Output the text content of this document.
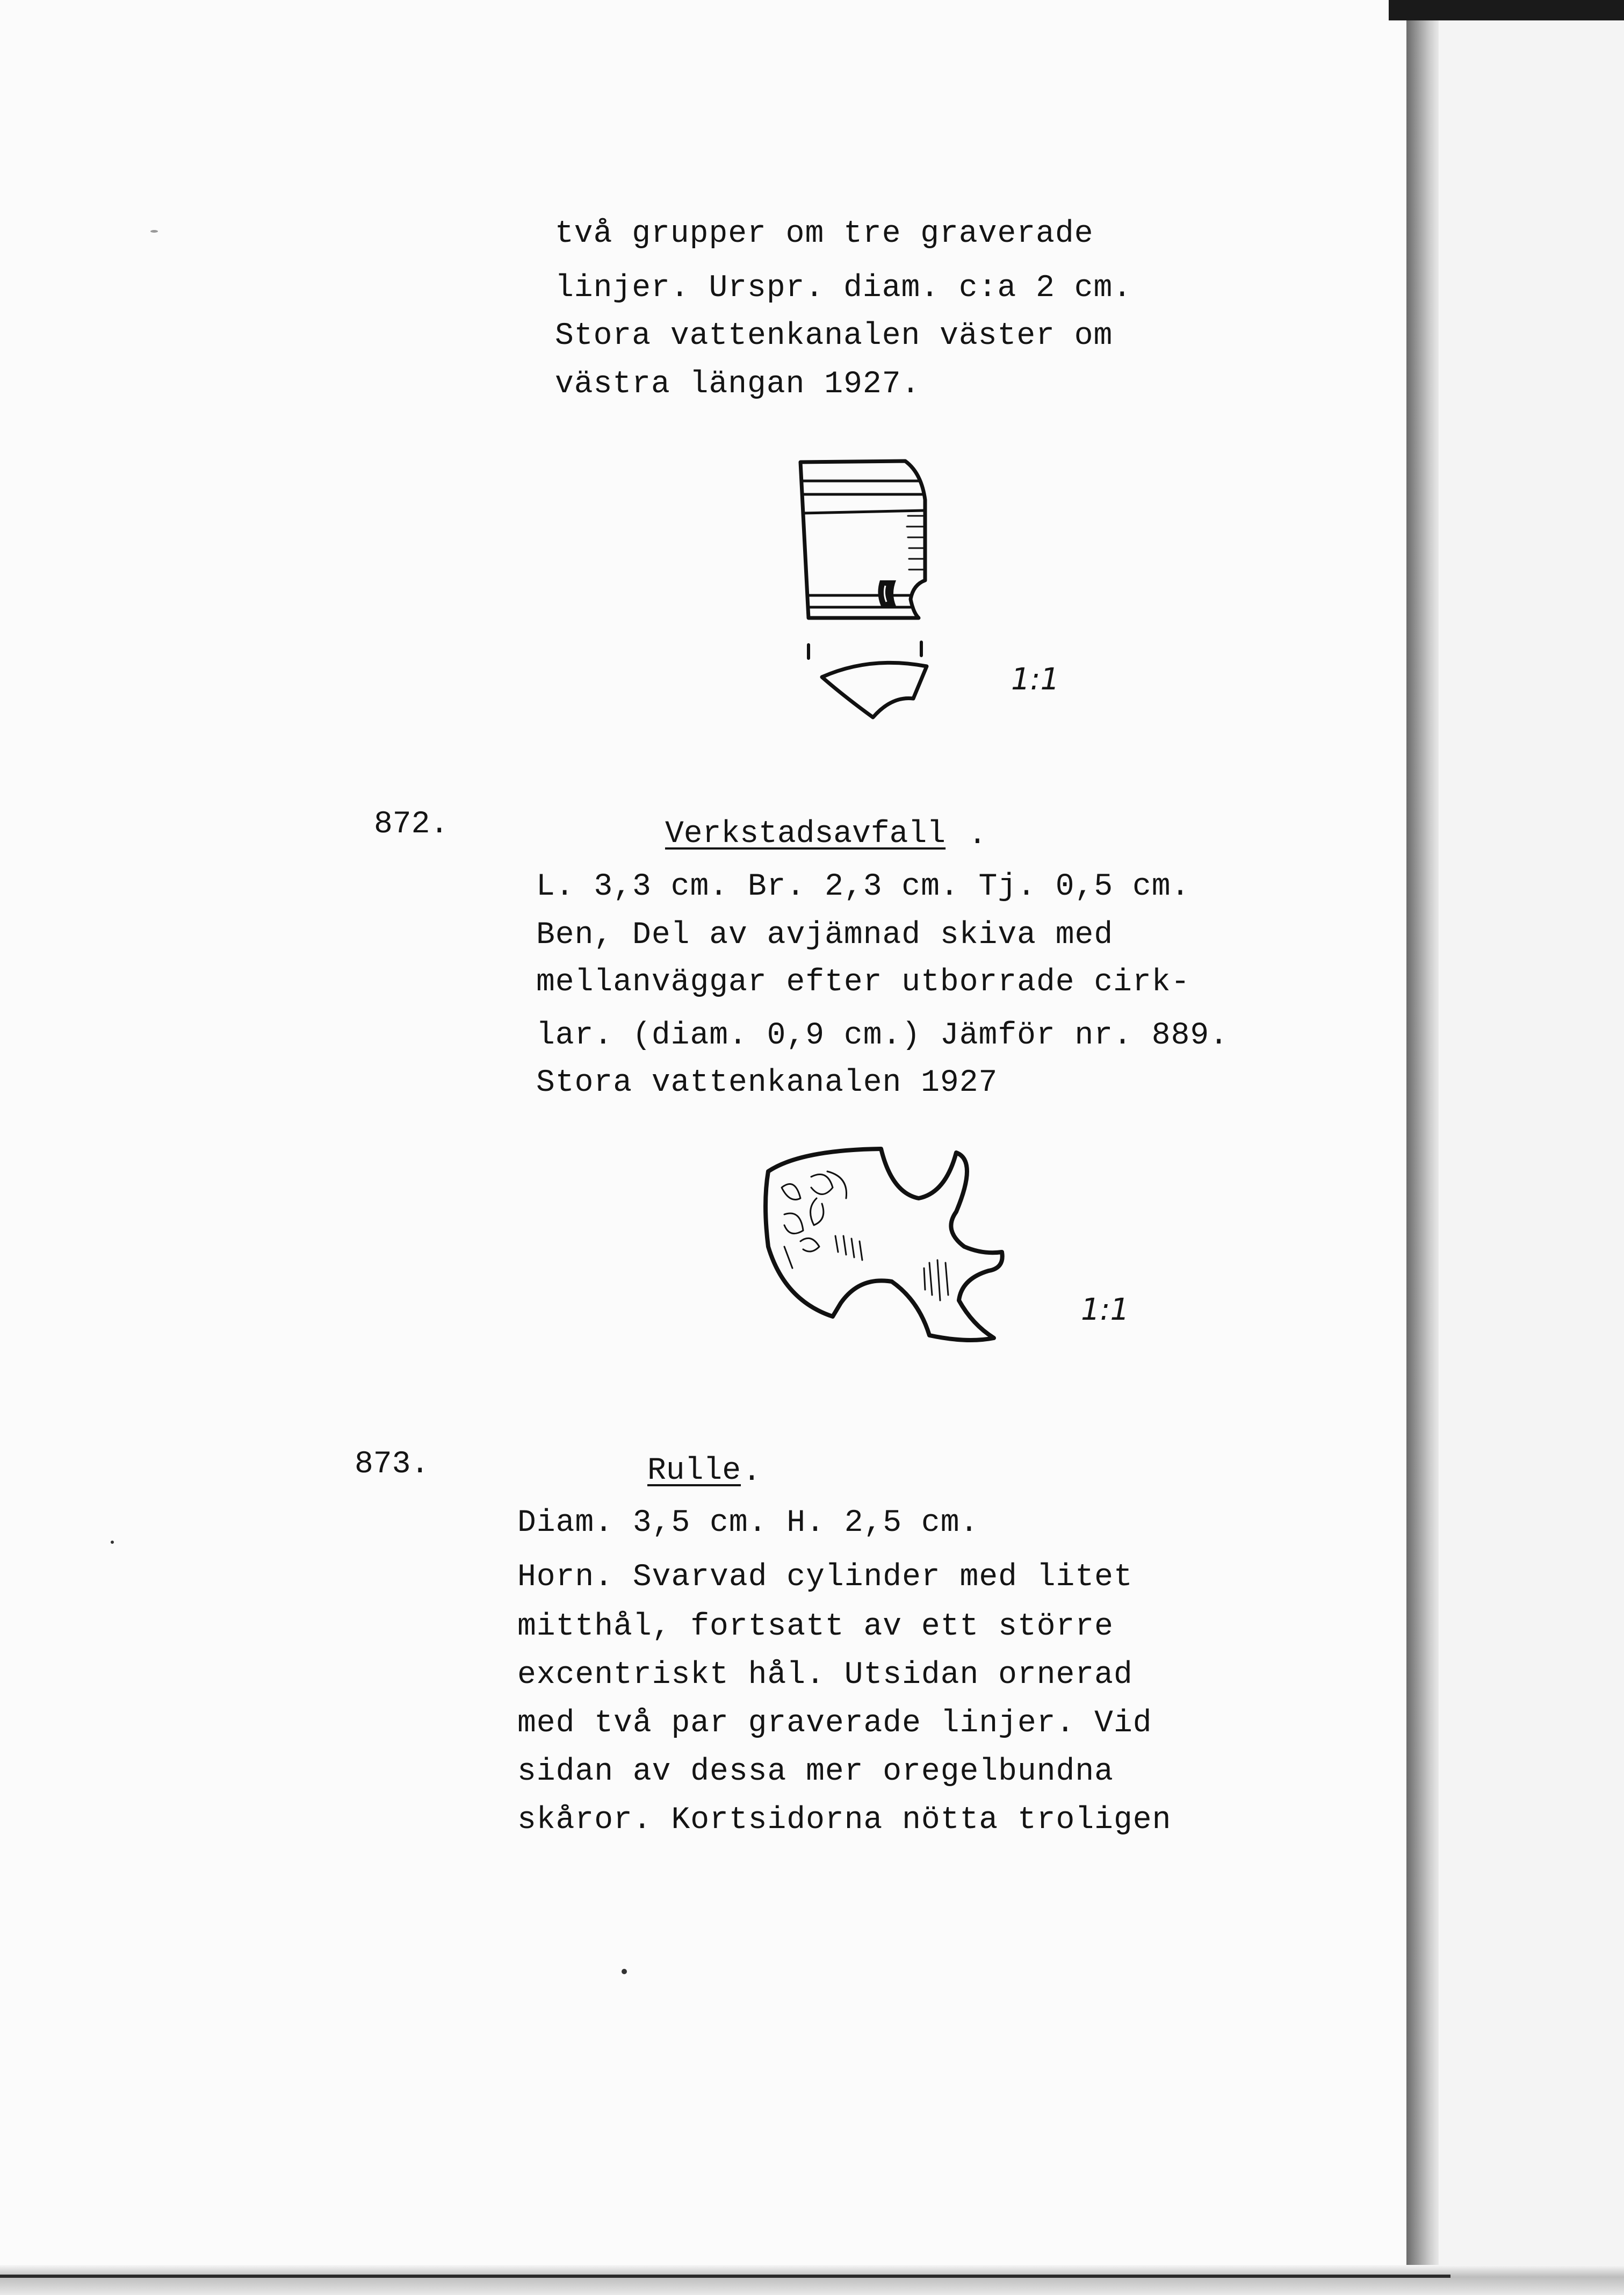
två grupper om tre graverade
linjer. Urspr. diam. c:a 2 cm.
Stora vattenkanalen väster om
västra längan 1927.
1:1
872.	Verkstadsavfall .
L. 3,3 cm. Br. 2,3 cm. Tj. 0,5 cm.
Ben, Del av avjämnad skiva med
mellanväggar efter utborrade cirk-
lar. (diam. 0,9 cm.) Jämför nr. 889.
Stora vattenkanalen 1927
1:1
873.	Rulle .
Diam. 3,5 cm. H. 2,5 cm.
Horn. Svarvad cylinder med litet
mitthål, fortsatt av ett större
excentriskt hål. Utsidan ornerad
med två par graverade linjer. Vid
sidan av dessa mer oregelbundna
skåror. Kortsidorna nötta troligen
